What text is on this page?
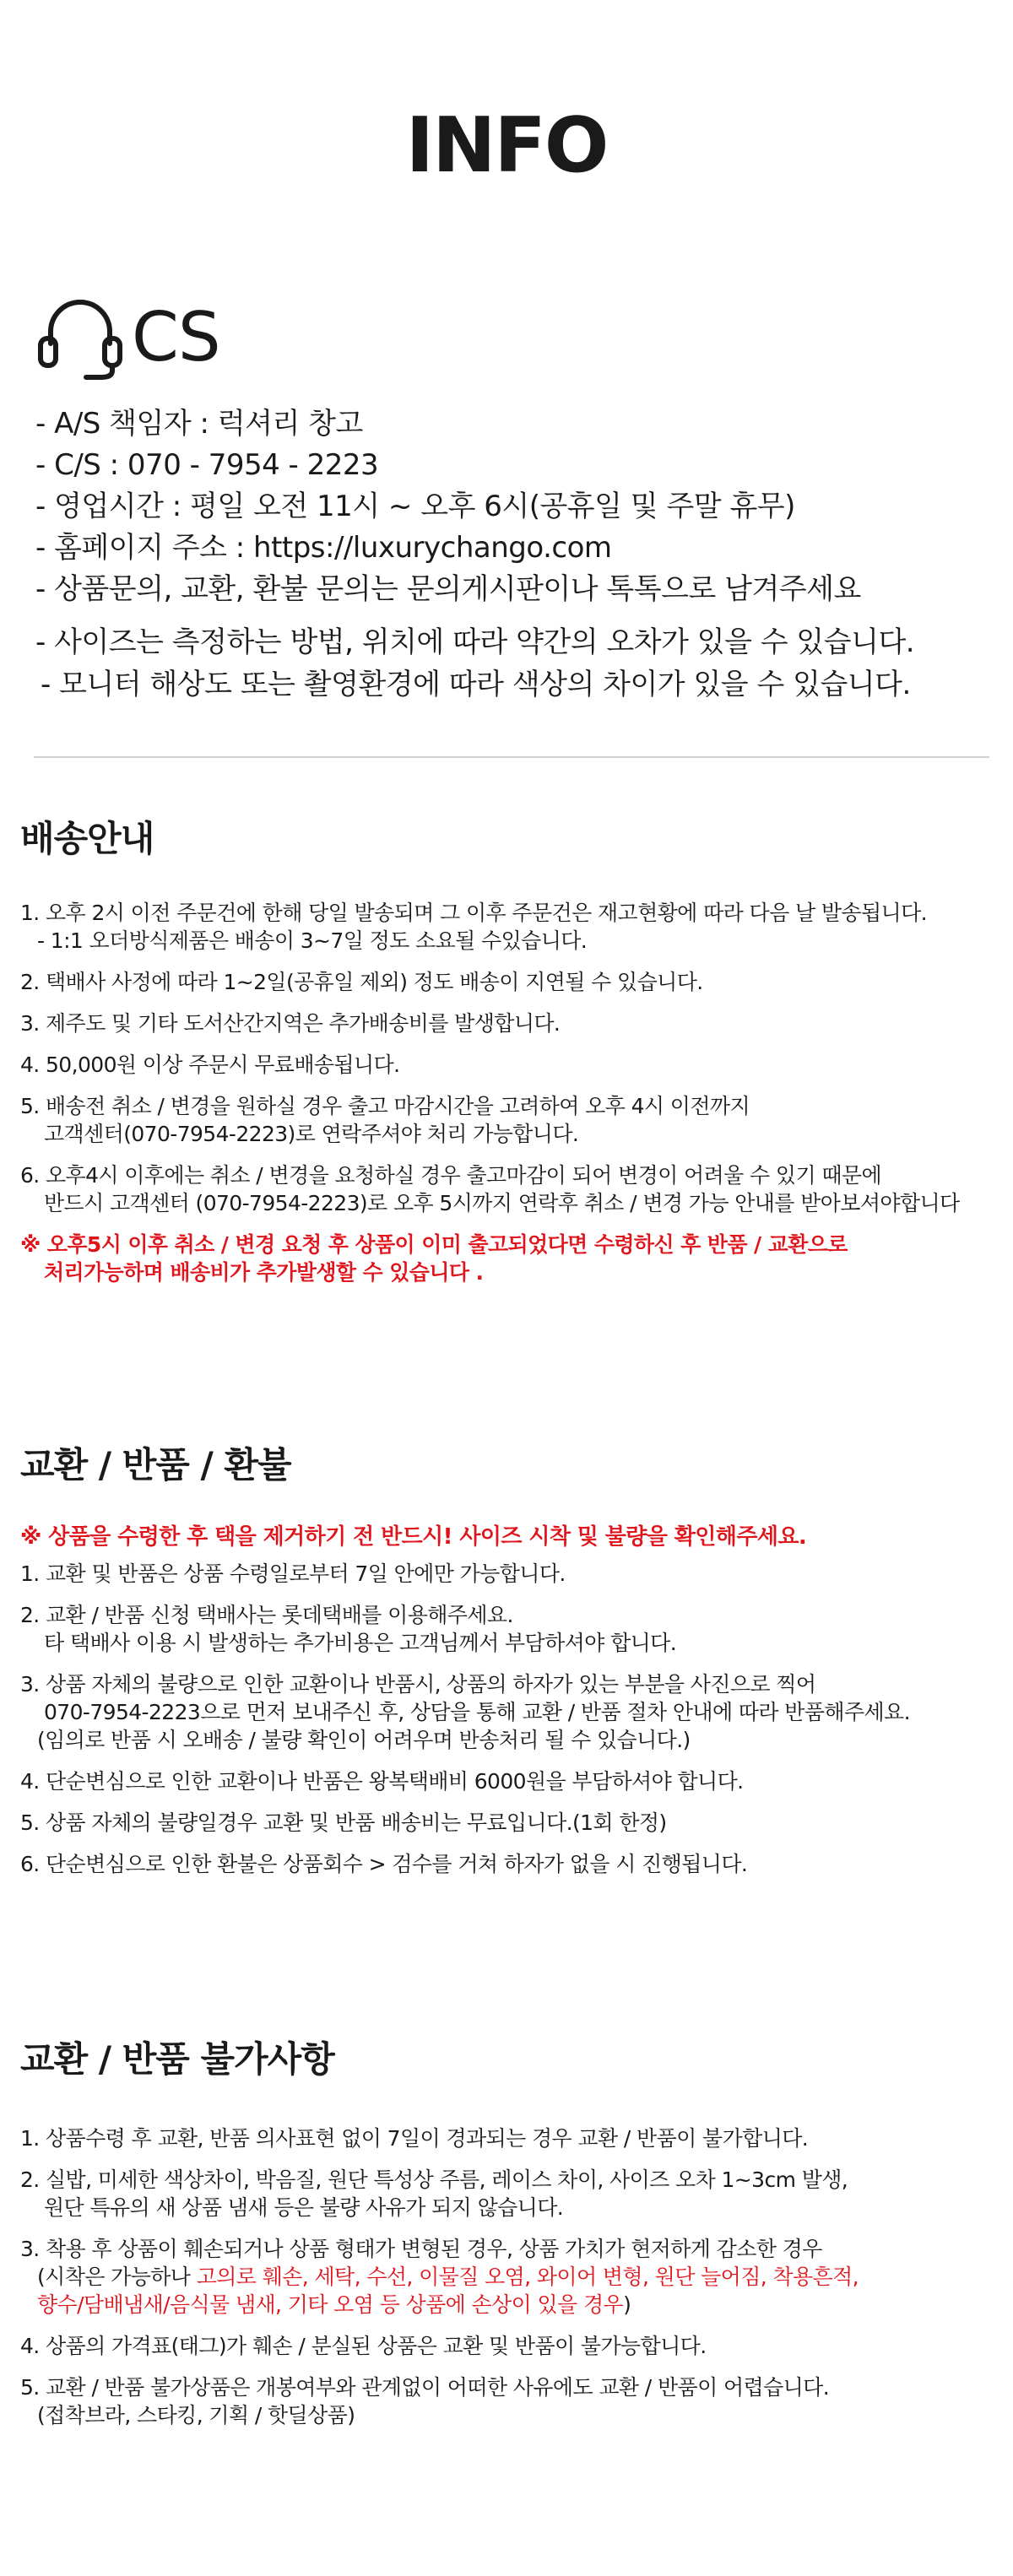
INFO
CS
- A/S 책임자 : 럭셔리 창고
- C/S : 070 - 7954 - 2223
- 영업시간 : 평일 오전 11시 ~ 오후 6시(공휴일 및 주말 휴무)
- 홈페이지 주소 : https://luxurychango.com
- 상품문의, 교환, 환불 문의는 문의게시판이나 톡톡으로 남겨주세요
- 사이즈는 측정하는 방법, 위치에 따라 약간의 오차가 있을 수 있습니다.
- 모니터 해상도 또는 촬영환경에 따라 색상의 차이가 있을 수 있습니다.
배송안내
1. 오후 2시 이전 주문건에 한해 당일 발송되며 그 이후 주문건은 재고현황에 따라 다음 날 발송됩니다.
- 1:1 오더방식제품은 배송이 3~7일 정도 소요될 수있습니다.
2. 택배사 사정에 따라 1~2일(공휴일 제외) 정도 배송이 지연될 수 있습니다.
3. 제주도 및 기타 도서산간지역은 추가배송비를 발생합니다.
4. 50,000원 이상 주문시 무료배송됩니다.
5. 배송전 취소 / 변경을 원하실 경우 출고 마감시간을 고려하여 오후 4시 이전까지
고객센터(070-7954-2223)로 연락주셔야 처리 가능합니다.
6. 오후4시 이후에는 취소 / 변경을 요청하실 경우 출고마감이 되어 변경이 어려울 수 있기 때문에
반드시 고객센터 (070-7954-2223)로 오후 5시까지 연락후 취소 / 변경 가능 안내를 받아보셔야합니다
※ 오후5시 이후 취소 / 변경 요청 후 상품이 이미 출고되었다면 수령하신 후 반품 / 교환으로
처리가능하며 배송비가 추가발생할 수 있습니다 .
교환 / 반품 / 환불
※ 상품을 수령한 후 택을 제거하기 전 반드시! 사이즈 시착 및 불량을 확인해주세요.
1. 교환 및 반품은 상품 수령일로부터 7일 안에만 가능합니다.
2. 교환 / 반품 신청 택배사는 롯데택배를 이용해주세요.
타 택배사 이용 시 발생하는 추가비용은 고객님께서 부담하셔야 합니다.
3. 상품 자체의 불량으로 인한 교환이나 반품시, 상품의 하자가 있는 부분을 사진으로 찍어
070-7954-2223으로 먼저 보내주신 후, 상담을 통해 교환 / 반품 절차 안내에 따라 반품해주세요.
(임의로 반품 시 오배송 / 불량 확인이 어려우며 반송처리 될 수 있습니다.)
4. 단순변심으로 인한 교환이나 반품은 왕복택배비 6000원을 부담하셔야 합니다.
5. 상품 자체의 불량일경우 교환 및 반품 배송비는 무료입니다.(1회 한정)
6. 단순변심으로 인한 환불은 상품회수 > 검수를 거쳐 하자가 없을 시 진행됩니다.
교환 / 반품 불가사항
1. 상품수령 후 교환, 반품 의사표현 없이 7일이 경과되는 경우 교환 / 반품이 불가합니다.
2. 실밥, 미세한 색상차이, 박음질, 원단 특성상 주름, 레이스 차이, 사이즈 오차 1~3cm 발생,
원단 특유의 새 상품 냄새 등은 불량 사유가 되지 않습니다.
3. 착용 후 상품이 훼손되거나 상품 형태가 변형된 경우, 상품 가치가 현저하게 감소한 경우
(시착은 가능하나 고의로 훼손, 세탁, 수선, 이물질 오염, 와이어 변형, 원단 늘어짐, 착용흔적,
향수/담배냄새/음식물 냄새, 기타 오염 등 상품에 손상이 있을 경우)
4. 상품의 가격표(태그)가 훼손 / 분실된 상품은 교환 및 반품이 불가능합니다.
5. 교환 / 반품 불가상품은 개봉여부와 관계없이 어떠한 사유에도 교환 / 반품이 어렵습니다.
(접착브라, 스타킹, 기획 / 핫딜상품)
